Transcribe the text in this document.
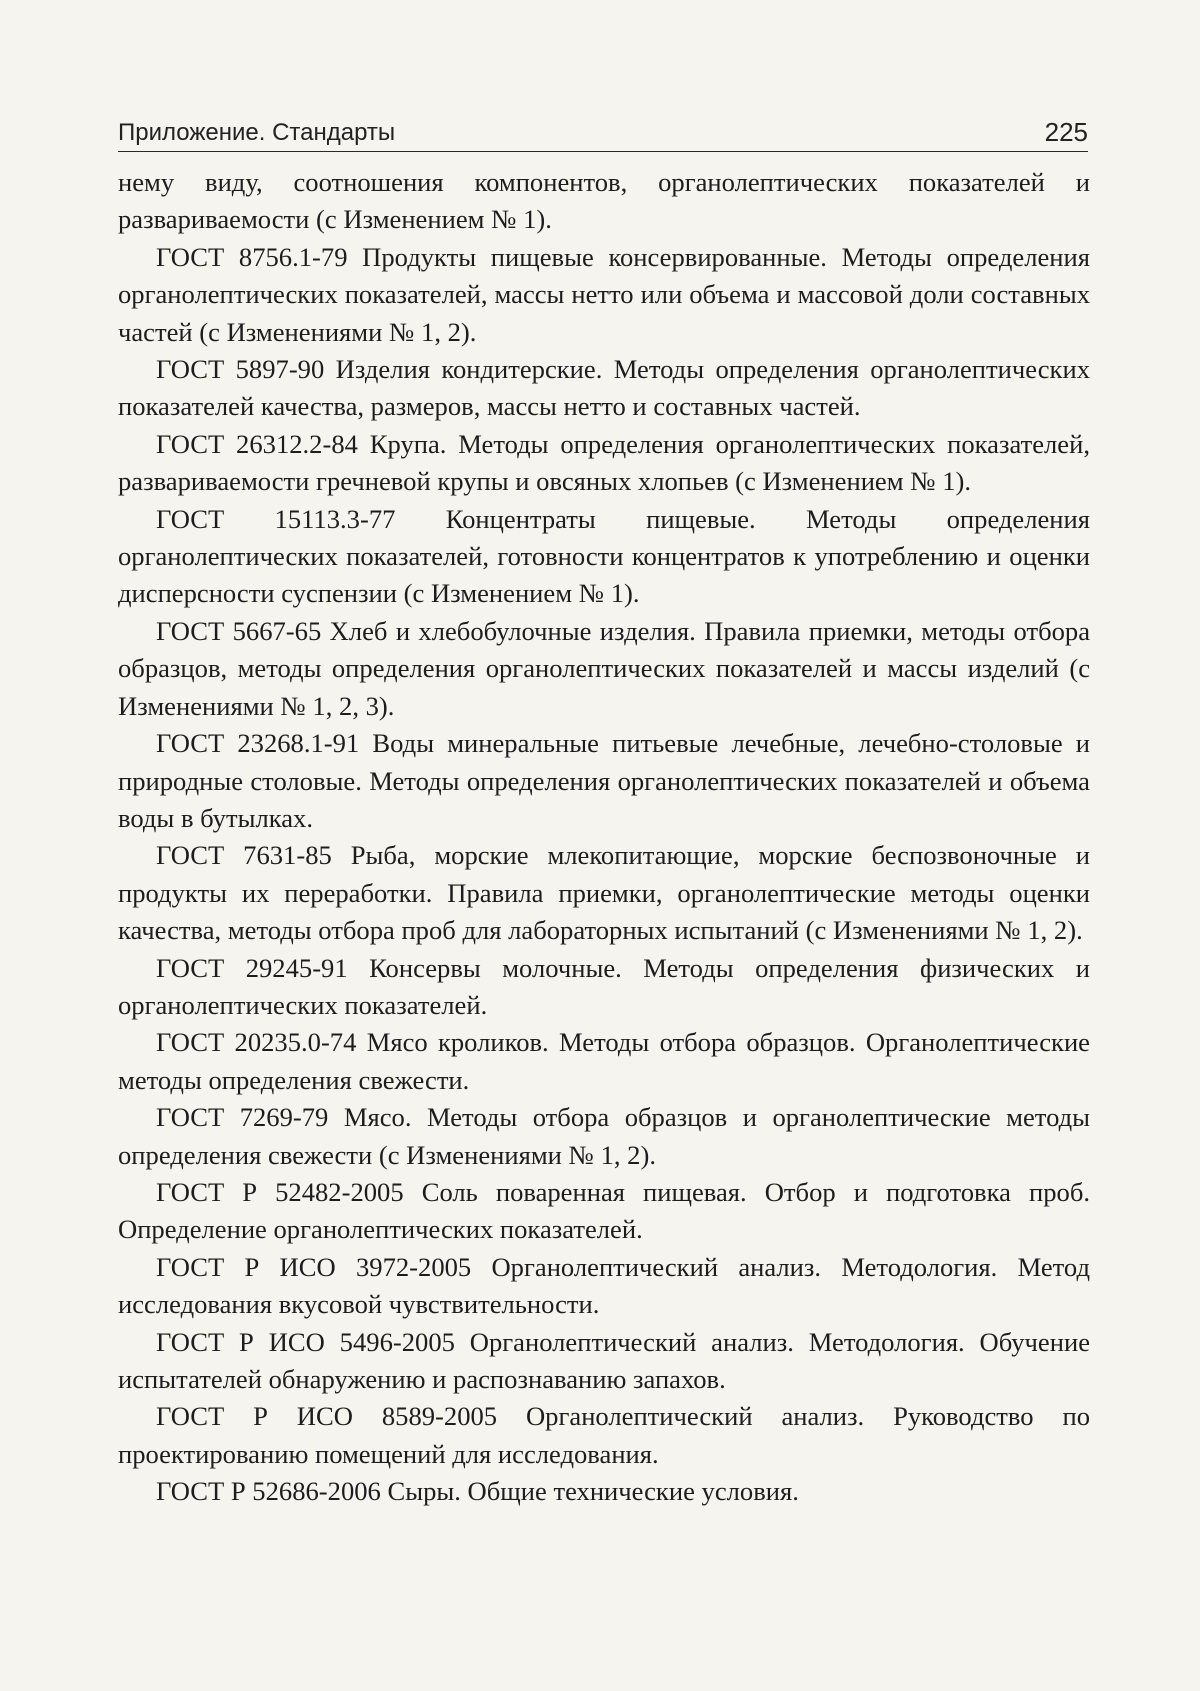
Приложение. Стандарты	225

нему виду, соотношения компонентов, органолептических показателей и развариваемости (с Изменением № 1).

ГОСТ 8756.1-79 Продукты пищевые консервированные. Методы определения органолептических показателей, массы нетто или объема и массовой доли составных частей (с Изменениями № 1, 2).

ГОСТ 5897-90 Изделия кондитерские. Методы определения органолептических показателей качества, размеров, массы нетто и составных частей.

ГОСТ 26312.2-84 Крупа. Методы определения органолептических показателей, развариваемости гречневой крупы и овсяных хлопьев (с Изменением № 1).

ГОСТ 15113.3-77 Концентраты пищевые. Методы определения органолептических показателей, готовности концентратов к употреблению и оценки дисперсности суспензии (с Изменением № 1).

ГОСТ 5667-65 Хлеб и хлебобулочные изделия. Правила приемки, методы отбора образцов, методы определения органолептических показателей и массы изделий (с Изменениями № 1, 2, 3).

ГОСТ 23268.1-91 Воды минеральные питьевые лечебные, лечебно-столовые и природные столовые. Методы определения органолептических показателей и объема воды в бутылках.

ГОСТ 7631-85 Рыба, морские млекопитающие, морские беспозвоночные и продукты их переработки. Правила приемки, органолептические методы оценки качества, методы отбора проб для лабораторных испытаний (с Изменениями № 1, 2).

ГОСТ 29245-91 Консервы молочные. Методы определения физических и органолептических показателей.

ГОСТ 20235.0-74 Мясо кроликов. Методы отбора образцов. Органолептические методы определения свежести.

ГОСТ 7269-79 Мясо. Методы отбора образцов и органолептические методы определения свежести (с Изменениями № 1, 2).

ГОСТ Р 52482-2005 Соль поваренная пищевая. Отбор и подготовка проб. Определение органолептических показателей.

ГОСТ Р ИСО 3972-2005 Органолептический анализ. Методология. Метод исследования вкусовой чувствительности.

ГОСТ Р ИСО 5496-2005 Органолептический анализ. Методология. Обучение испытателей обнаружению и распознаванию запахов.

ГОСТ Р ИСО 8589-2005 Органолептический анализ. Руководство по проектированию помещений для исследования.

ГОСТ Р 52686-2006 Сыры. Общие технические условия.
